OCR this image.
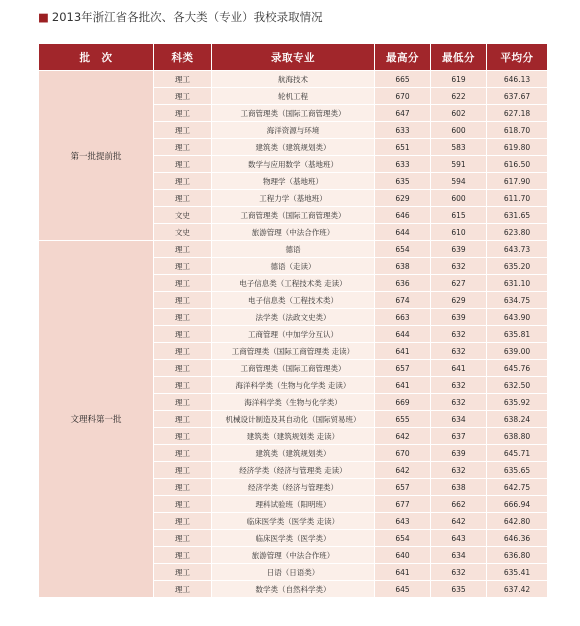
■ 2013年浙江省各批次、各大类（专业）我校录取情况
批　次	科类	录取专业	最高分	最低分	平均分
第一批提前批	理工	航海技术	665	619	646.13
	理工	轮机工程	670	622	637.67
	理工	工商管理类（国际工商管理类）	647	602	627.18
	理工	海洋资源与环境	633	600	618.70
	理工	建筑类（建筑规划类）	651	583	619.80
	理工	数学与应用数学（基地班）	633	591	616.50
	理工	物理学（基地班）	635	594	617.90
	理工	工程力学（基地班）	629	600	611.70
	文史	工商管理类（国际工商管理类）	646	615	631.65
	文史	旅游管理（中法合作班）	644	610	623.80
文理科第一批	理工	德语	654	639	643.73
	理工	德语（走读）	638	632	635.20
	理工	电子信息类（工程技术类 走读）	636	627	631.10
	理工	电子信息类（工程技术类）	674	629	634.75
	理工	法学类（法政文史类）	663	639	643.90
	理工	工商管理（中加学分互认）	644	632	635.81
	理工	工商管理类（国际工商管理类 走读）	641	632	639.00
	理工	工商管理类（国际工商管理类）	657	641	645.76
	理工	海洋科学类（生物与化学类 走读）	641	632	632.50
	理工	海洋科学类（生物与化学类）	669	632	635.92
	理工	机械设计制造及其自动化（国际贸易班）	655	634	638.24
	理工	建筑类（建筑规划类 走读）	642	637	638.80
	理工	建筑类（建筑规划类）	670	639	645.71
	理工	经济学类（经济与管理类 走读）	642	632	635.65
	理工	经济学类（经济与管理类）	657	638	642.75
	理工	理科试验班（阳明班）	677	662	666.94
	理工	临床医学类（医学类 走读）	643	642	642.80
	理工	临床医学类（医学类）	654	643	646.36
	理工	旅游管理（中法合作班）	640	634	636.80
	理工	日语（日语类）	641	632	635.41
	理工	数学类（自然科学类）	645	635	637.42
